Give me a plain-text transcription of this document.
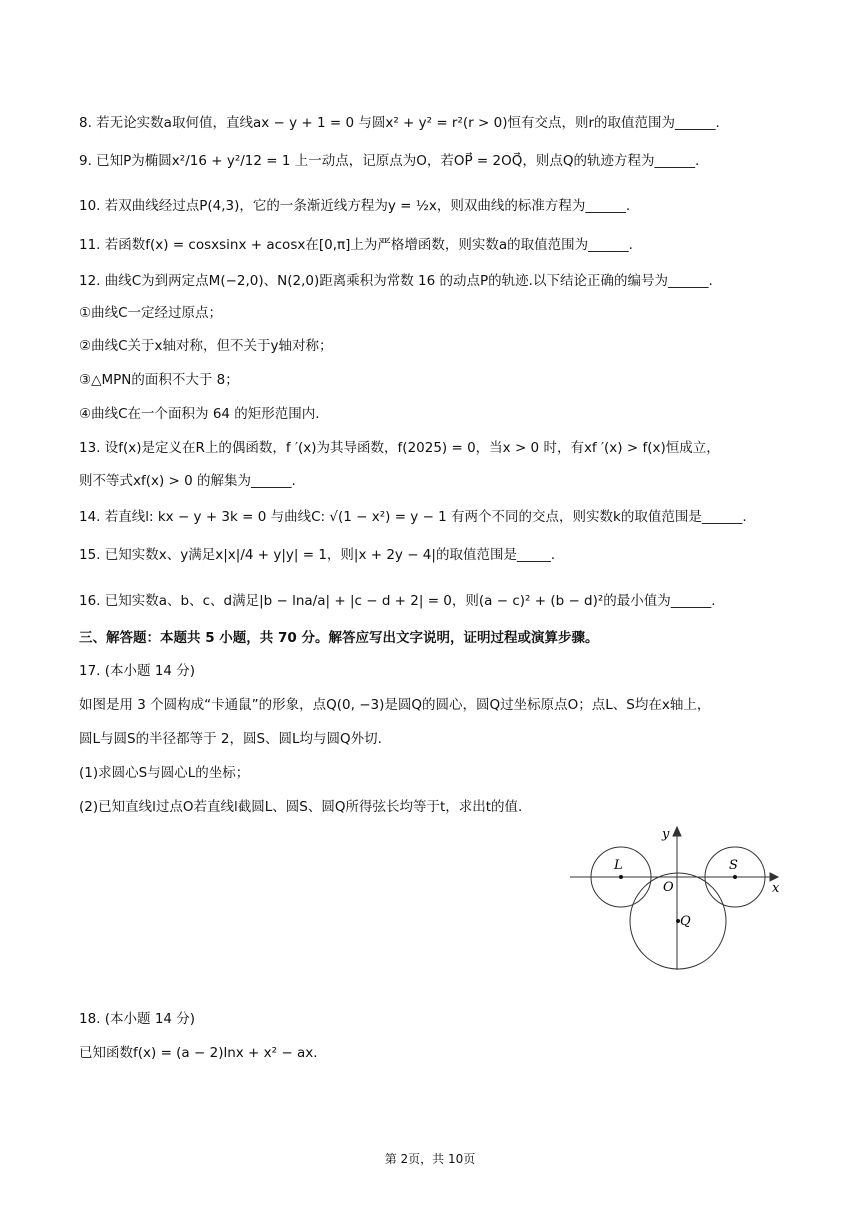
8. 若无论实数a取何值，直线ax − y + 1 = 0 与圆x² + y² = r²(r > 0)恒有交点，则r的取值范围为______.
9. 已知P为椭圆x²/16 + y²/12 = 1 上一动点，记原点为O，若OP⃗ = 2OQ⃗，则点Q的轨迹方程为______.
10. 若双曲线经过点P(4,3)，它的一条渐近线方程为y = ½x，则双曲线的标准方程为______.
11. 若函数f(x) = cosxsinx + acosx在[0,π]上为严格增函数，则实数a的取值范围为______.
12. 曲线C为到两定点M(−2,0)、N(2,0)距离乘积为常数 16 的动点P的轨迹.以下结论正确的编号为______.
①曲线C一定经过原点；
②曲线C关于x轴对称，但不关于y轴对称；
③△MPN的面积不大于 8；
④曲线C在一个面积为 64 的矩形范围内.
13. 设f(x)是定义在R上的偶函数，f ′(x)为其导函数，f(2025) = 0，当x > 0 时，有xf ′(x) > f(x)恒成立，
则不等式xf(x) > 0 的解集为______.
14. 若直线l: kx − y + 3k = 0 与曲线C: √(1 − x²) = y − 1 有两个不同的交点，则实数k的取值范围是______.
15. 已知实数x、y满足x|x|/4 + y|y| = 1，则|x + 2y − 4|的取值范围是_____.
16. 已知实数a、b、c、d满足|b − lna/a| + |c − d + 2| = 0，则(a − c)² + (b − d)²的最小值为______.
三、解答题：本题共 5 小题，共 70 分。解答应写出文字说明，证明过程或演算步骤。
17. (本小题 14 分)
如图是用 3 个圆构成“卡通鼠”的形象，点Q(0, −3)是圆Q的圆心，圆Q过坐标原点O；点L、S均在x轴上，
圆L与圆S的半径都等于 2，圆S、圆L均与圆Q外切.
(1)求圆心S与圆心L的坐标；
(2)已知直线l过点O若直线l截圆L、圆S、圆Q所得弦长均等于t，求出t的值.
y
x
O
L	S
Q
18. (本小题 14 分)
已知函数f(x) = (a − 2)lnx + x² − ax.
第 2页，共 10页
